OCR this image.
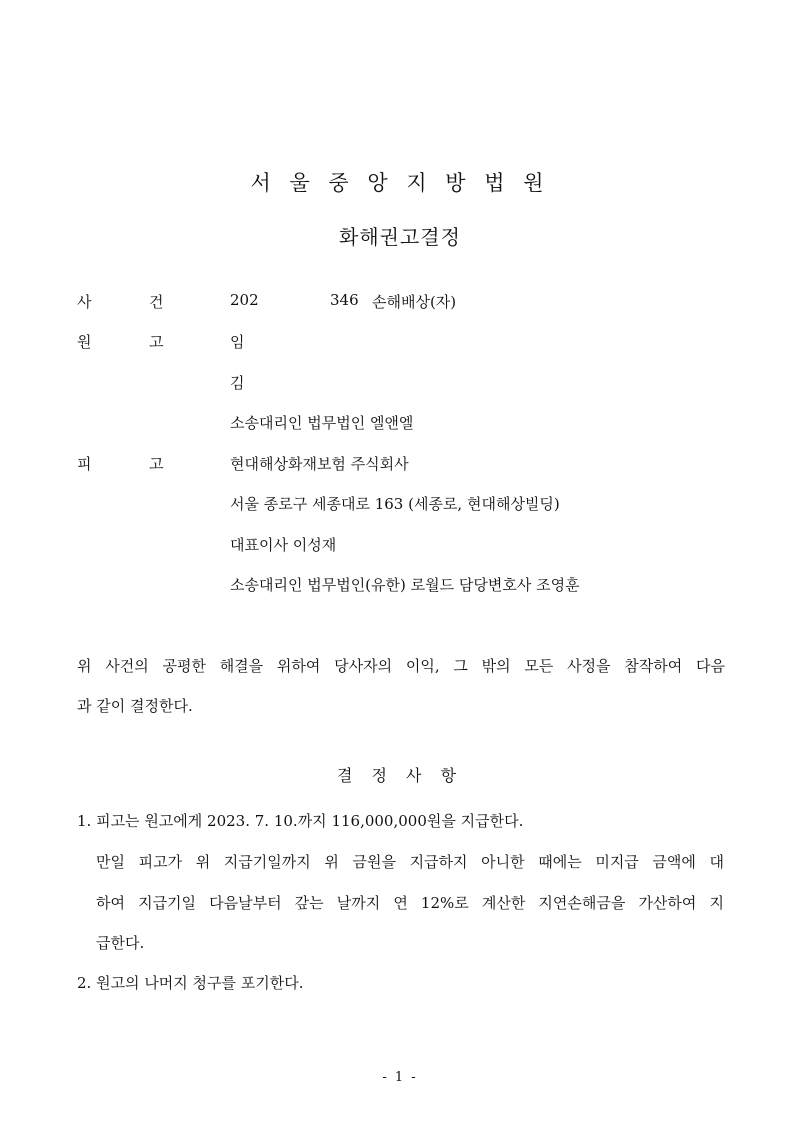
서 울 중 앙 지 방 법 원
화해권고결정
사	건	202	346 손해배상(자)
원	고	임
김
소송대리인 법무법인 엘앤엘
피	고	현대해상화재보험 주식회사
서울 종로구 세종대로 163 (세종로, 현대해상빌딩)
대표이사 이성재
소송대리인 법무법인(유한) 로월드 담당변호사 조영훈
위 사건의 공평한 해결을 위하여 당사자의 이익, 그 밖의 모든 사정을 참작하여 다음
과 같이 결정한다.
결 정 사 항
1. 피고는 원고에게 2023. 7. 10.까지 116,000,000원을 지급한다.
만일 피고가 위 지급기일까지 위 금원을 지급하지 아니한 때에는 미지급 금액에 대
하여 지급기일 다음날부터 갚는 날까지 연 12%로 계산한 지연손해금을 가산하여 지
급한다.
2. 원고의 나머지 청구를 포기한다.
- 1 -
